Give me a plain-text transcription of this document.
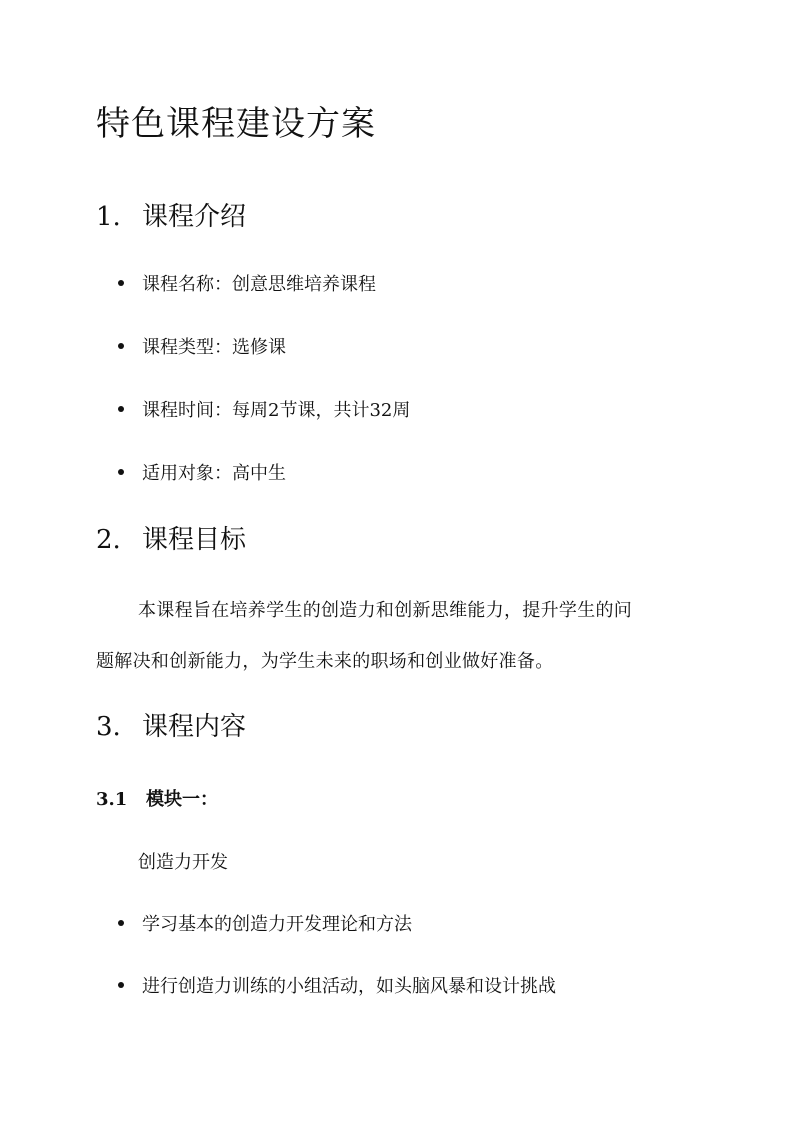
特色课程建设方案
1. 课程介绍
课程名称：创意思维培养课程
课程类型：选修课
课程时间：每周2节课，共计32周
适用对象：高中生
2. 课程目标
本课程旨在培养学生的创造力和创新思维能力，提升学生的问
题解决和创新能力，为学生未来的职场和创业做好准备。
3. 课程内容
3.1 模块一：
创造力开发
学习基本的创造力开发理论和方法
进行创造力训练的小组活动，如头脑风暴和设计挑战
